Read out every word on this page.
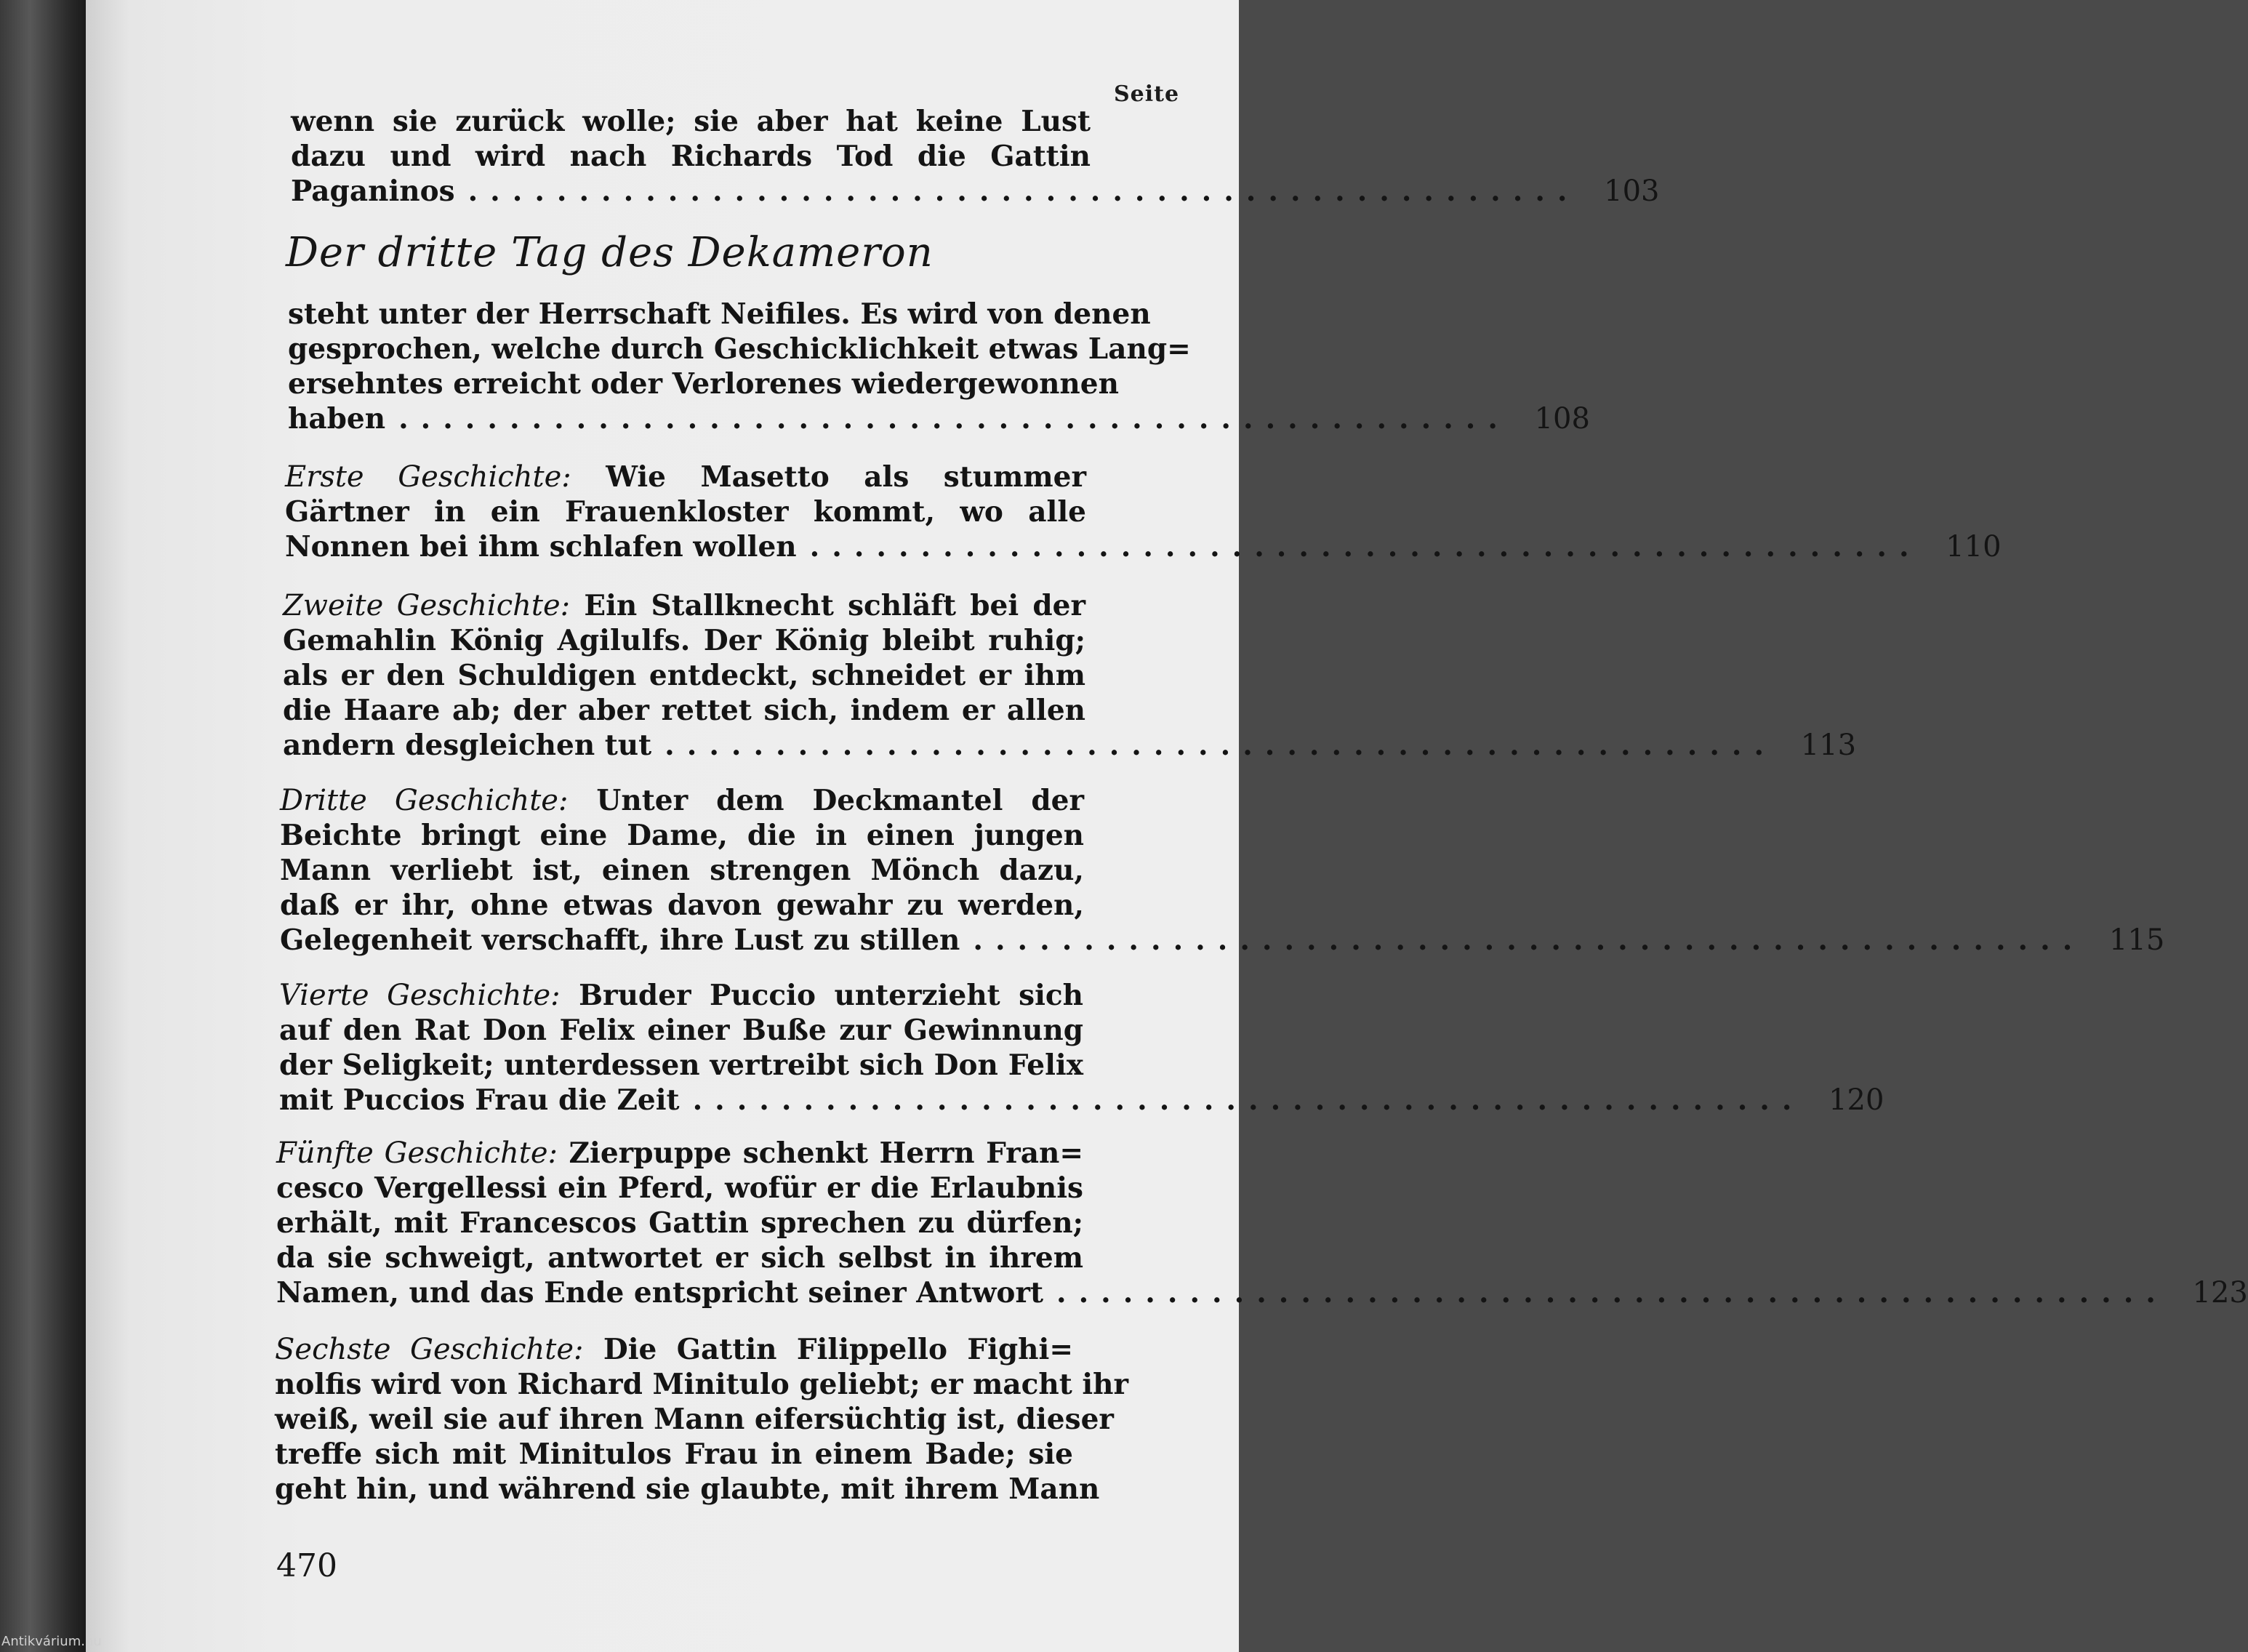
Seite
wenn sie zurück wolle; sie aber hat keine Lust
dazu und wird nach Richards Tod die Gattin
Paganinos .................................................. 103
Der dritte Tag des Dekameron
steht unter der Herrschaft Neifiles. Es wird von denen
gesprochen, welche durch Geschicklichkeit etwas Lang=
ersehntes erreicht oder Verlorenes wiedergewonnen
haben .................................................. 108
Erste Geschichte: Wie Masetto als stummer
Gärtner in ein Frauenkloster kommt, wo alle
Nonnen bei ihm schlafen wollen .................................................. 110
Zweite Geschichte: Ein Stallknecht schläft bei der
Gemahlin König Agilulfs. Der König bleibt ruhig;
als er den Schuldigen entdeckt, schneidet er ihm
die Haare ab; der aber rettet sich, indem er allen
andern desgleichen tut .................................................. 113
Dritte Geschichte: Unter dem Deckmantel der
Beichte bringt eine Dame, die in einen jungen
Mann verliebt ist, einen strengen Mönch dazu,
daß er ihr, ohne etwas davon gewahr zu werden,
Gelegenheit verschafft, ihre Lust zu stillen .................................................. 115
Vierte Geschichte: Bruder Puccio unterzieht sich
auf den Rat Don Felix einer Buße zur Gewinnung
der Seligkeit; unterdessen vertreibt sich Don Felix
mit Puccios Frau die Zeit .................................................. 120
Fünfte Geschichte: Zierpuppe schenkt Herrn Fran=
cesco Vergellessi ein Pferd, wofür er die Erlaubnis
erhält, mit Francescos Gattin sprechen zu dürfen;
da sie schweigt, antwortet er sich selbst in ihrem
Namen, und das Ende entspricht seiner Antwort .................................................. 123
Sechste Geschichte: Die Gattin Filippello Fighi=
nolfis wird von Richard Minitulo geliebt; er macht ihr
weiß, weil sie auf ihren Mann eifersüchtig ist, dieser
treffe sich mit Minitulos Frau in einem Bade; sie
geht hin, und während sie glaubte, mit ihrem Mann
470
Antikvárium.hu
